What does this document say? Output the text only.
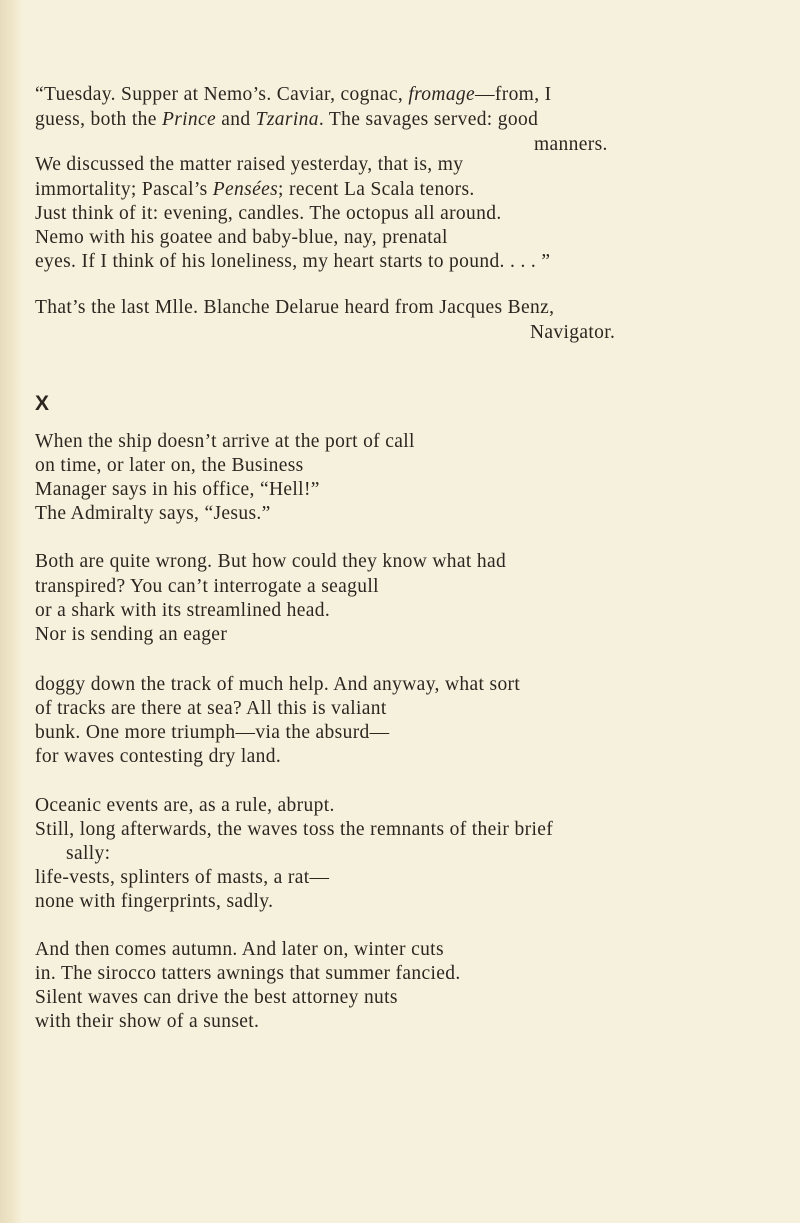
“Tuesday. Supper at Nemo’s. Caviar, cognac, fromage—from, I
guess, both the Prince and Tzarina. The savages served: good
manners.
We discussed the matter raised yesterday, that is, my
immortality; Pascal’s Pensées; recent La Scala tenors.
Just think of it: evening, candles. The octopus all around.
Nemo with his goatee and baby-blue, nay, prenatal
eyes. If I think of his loneliness, my heart starts to pound. . . . ”
That’s the last Mlle. Blanche Delarue heard from Jacques Benz,
Navigator.
X
When the ship doesn’t arrive at the port of call
on time, or later on, the Business
Manager says in his office, “Hell!”
The Admiralty says, “Jesus.”
Both are quite wrong. But how could they know what had
transpired? You can’t interrogate a seagull
or a shark with its streamlined head.
Nor is sending an eager
doggy down the track of much help. And anyway, what sort
of tracks are there at sea? All this is valiant
bunk. One more triumph—via the absurd—
for waves contesting dry land.
Oceanic events are, as a rule, abrupt.
Still, long afterwards, the waves toss the remnants of their brief
sally:
life-vests, splinters of masts, a rat—
none with fingerprints, sadly.
And then comes autumn. And later on, winter cuts
in. The sirocco tatters awnings that summer fancied.
Silent waves can drive the best attorney nuts
with their show of a sunset.
